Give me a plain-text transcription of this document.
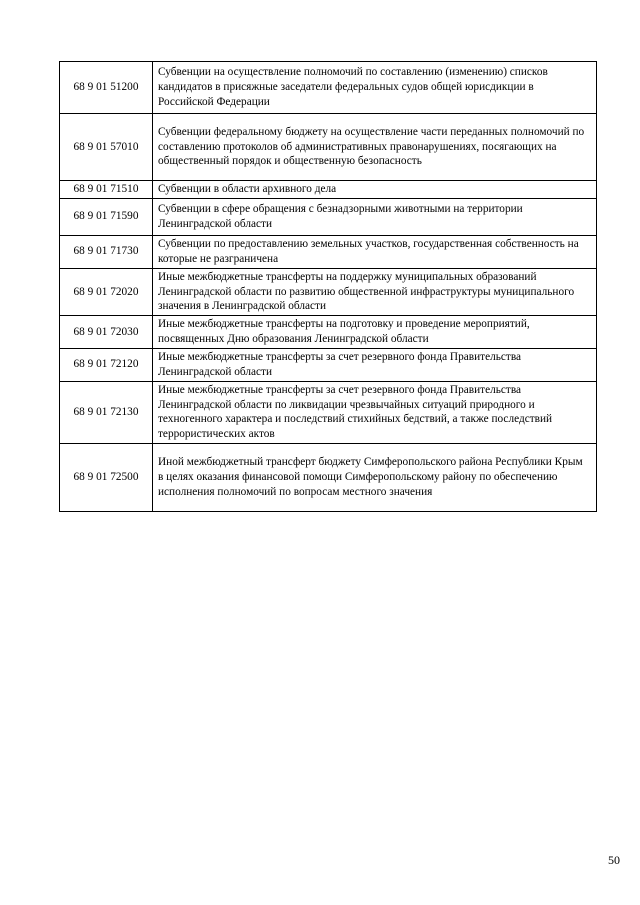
68 9 01 51200	Субвенции на осуществление полномочий по составлению (изменению) списков кандидатов в присяжные заседатели федеральных судов общей юрисдикции в Российской Федерации
68 9 01 57010	Субвенции федеральному бюджету на осуществление части переданных полномочий по составлению протоколов об административных правонарушениях, посягающих на общественный порядок и общественную безопасность
68 9 01 71510	Субвенции в области архивного дела
68 9 01 71590	Субвенции в сфере обращения с безнадзорными животными на территории Ленинградской области
68 9 01 71730	Субвенции по предоставлению земельных участков, государственная собственность на которые не разграничена
68 9 01 72020	Иные межбюджетные трансферты на поддержку муниципальных образований Ленинградской области по развитию общественной инфраструктуры муниципального значения в Ленинградской области
68 9 01 72030	Иные межбюджетные трансферты на подготовку и проведение мероприятий, посвященных Дню образования Ленинградской области
68 9 01 72120	Иные межбюджетные трансферты за счет резервного фонда Правительства Ленинградской области
68 9 01 72130	Иные межбюджетные трансферты за счет резервного фонда Правительства Ленинградской области по ликвидации чрезвычайных ситуаций природного и техногенного характера и последствий стихийных бедствий, а также последствий террористических актов
68 9 01 72500	Иной межбюджетный трансферт бюджету Симферопольского района Республики Крым в целях оказания финансовой помощи Симферопольскому району по обеспечению исполнения полномочий по вопросам местного значения
50
